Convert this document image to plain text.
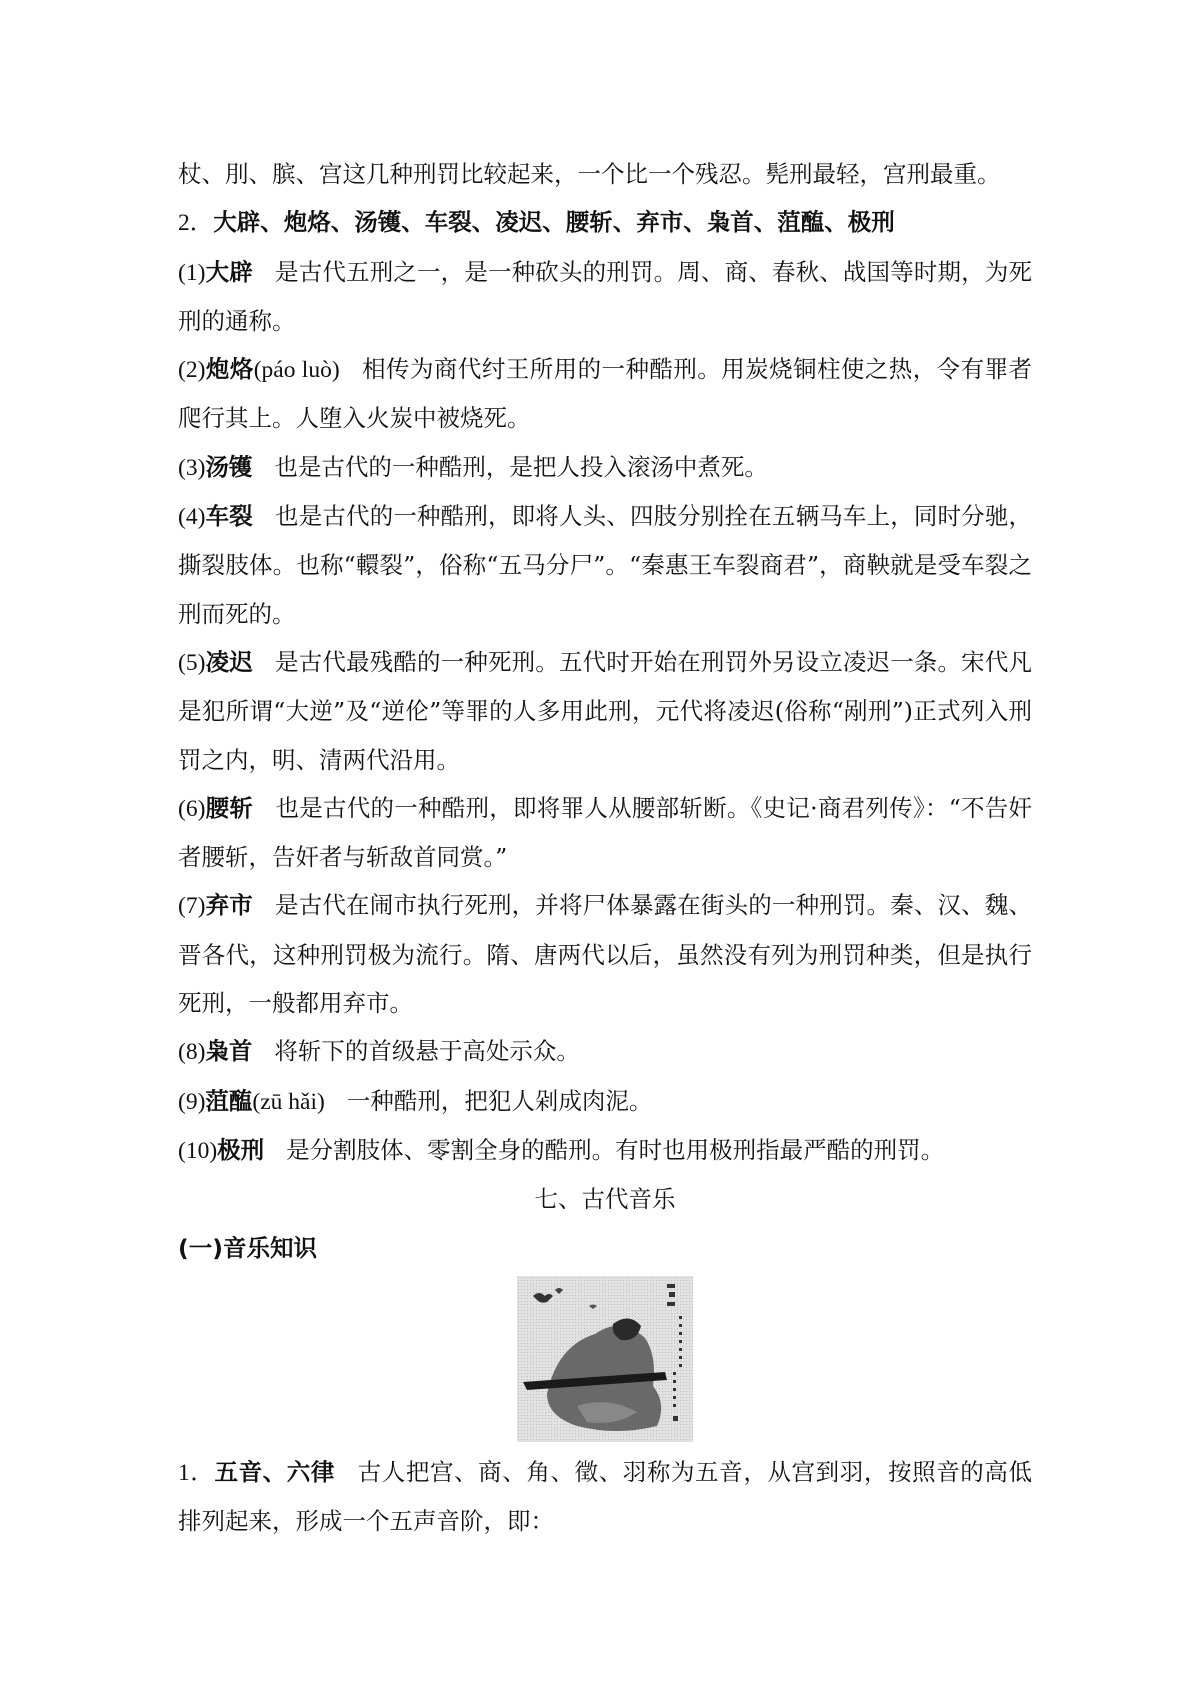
杖、刖、膑、宫这几种刑罚比较起来，一个比一个残忍。髡刑最轻，宫刑最重。

2．大辟、炮烙、汤镬、车裂、凌迟、腰斩、弃市、枭首、菹醢、极刑

(1)大辟 是古代五刑之一，是一种砍头的刑罚。周、商、春秋、战国等时期，为死刑的通称。

(2)炮烙(páo luò) 相传为商代纣王所用的一种酷刑。用炭烧铜柱使之热，令有罪者爬行其上。人堕入火炭中被烧死。

(3)汤镬 也是古代的一种酷刑，是把人投入滚汤中煮死。

(4)车裂 也是古代的一种酷刑，即将人头、四肢分别拴在五辆马车上，同时分驰，撕裂肢体。也称“轘裂”，俗称“五马分尸”。“秦惠王车裂商君”，商鞅就是受车裂之刑而死的。

(5)凌迟 是古代最残酷的一种死刑。五代时开始在刑罚外另设立凌迟一条。宋代凡是犯所谓“大逆”及“逆伦”等罪的人多用此刑，元代将凌迟(俗称“剐刑”)正式列入刑罚之内，明、清两代沿用。

(6)腰斩 也是古代的一种酷刑，即将罪人从腰部斩断。《史记·商君列传》：“不告奸者腰斩，告奸者与斩敌首同赏。”

(7)弃市 是古代在闹市执行死刑，并将尸体暴露在街头的一种刑罚。秦、汉、魏、晋各代，这种刑罚极为流行。隋、唐两代以后，虽然没有列为刑罚种类，但是执行死刑，一般都用弃市。

(8)枭首 将斩下的首级悬于高处示众。

(9)菹醢(zū hǎi) 一种酷刑，把犯人剁成肉泥。

(10)极刑 是分割肢体、零割全身的酷刑。有时也用极刑指最严酷的刑罚。

七、古代音乐

(一)音乐知识

1．五音、六律 古人把宫、商、角、徵、羽称为五音，从宫到羽，按照音的高低排列起来，形成一个五声音阶，即：
